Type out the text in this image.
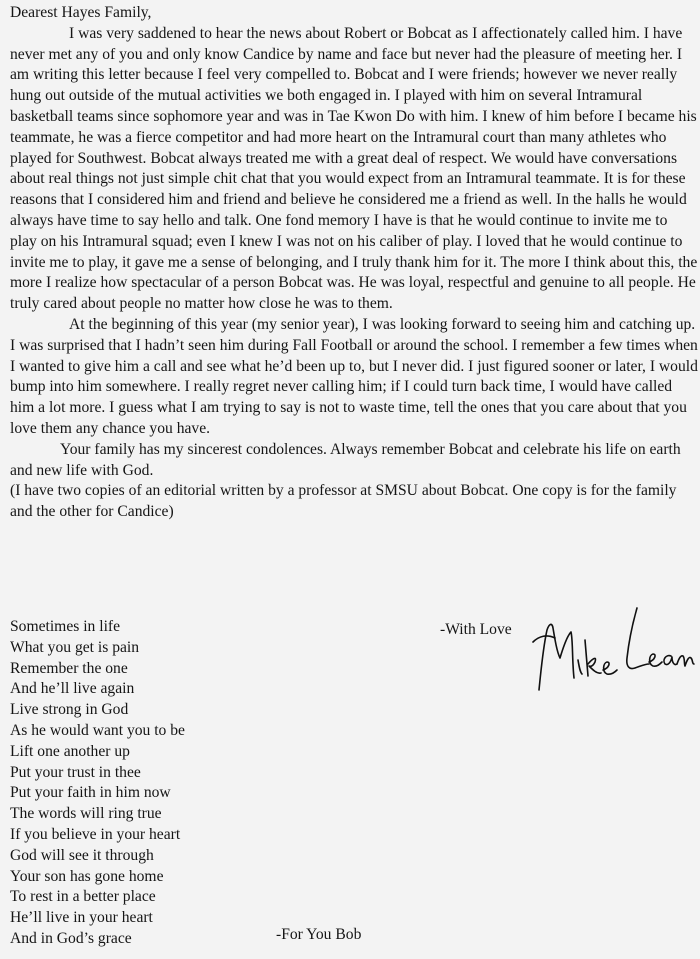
Dearest Hayes Family,

I was very saddened to hear the news about Robert or Bobcat as I affectionately called him. I have never met any of you and only know Candice by name and face but never had the pleasure of meeting her. I am writing this letter because I feel very compelled to. Bobcat and I were friends; however we never really hung out outside of the mutual activities we both engaged in. I played with him on several Intramural basketball teams since sophomore year and was in Tae Kwon Do with him. I knew of him before I became his teammate, he was a fierce competitor and had more heart on the Intramural court than many athletes who played for Southwest. Bobcat always treated me with a great deal of respect. We would have conversations about real things not just simple chit chat that you would expect from an Intramural teammate. It is for these reasons that I considered him and friend and believe he considered me a friend as well. In the halls he would always have time to say hello and talk. One fond memory I have is that he would continue to invite me to play on his Intramural squad; even I knew I was not on his caliber of play. I loved that he would continue to invite me to play, it gave me a sense of belonging, and I truly thank him for it. The more I think about this, the more I realize how spectacular of a person Bobcat was. He was loyal, respectful and genuine to all people. He truly cared about people no matter how close he was to them.

At the beginning of this year (my senior year), I was looking forward to seeing him and catching up. I was surprised that I hadn’t seen him during Fall Football or around the school. I remember a few times when I wanted to give him a call and see what he’d been up to, but I never did. I just figured sooner or later, I would bump into him somewhere. I really regret never calling him; if I could turn back time, I would have called him a lot more. I guess what I am trying to say is not to waste time, tell the ones that you care about that you love them any chance you have.

Your family has my sincerest condolences. Always remember Bobcat and celebrate his life on earth and new life with God.

(I have two copies of an editorial written by a professor at SMSU about Bobcat. One copy is for the family and the other for Candice)

Sometimes in life
What you get is pain
Remember the one
And he’ll live again
Live strong in God
As he would want you to be
Lift one another up
Put your trust in thee
Put your faith in him now
The words will ring true
If you believe in your heart
God will see it through
Your son has gone home
To rest in a better place
He’ll live in your heart
And in God’s grace
-With Love
-For You Bob
